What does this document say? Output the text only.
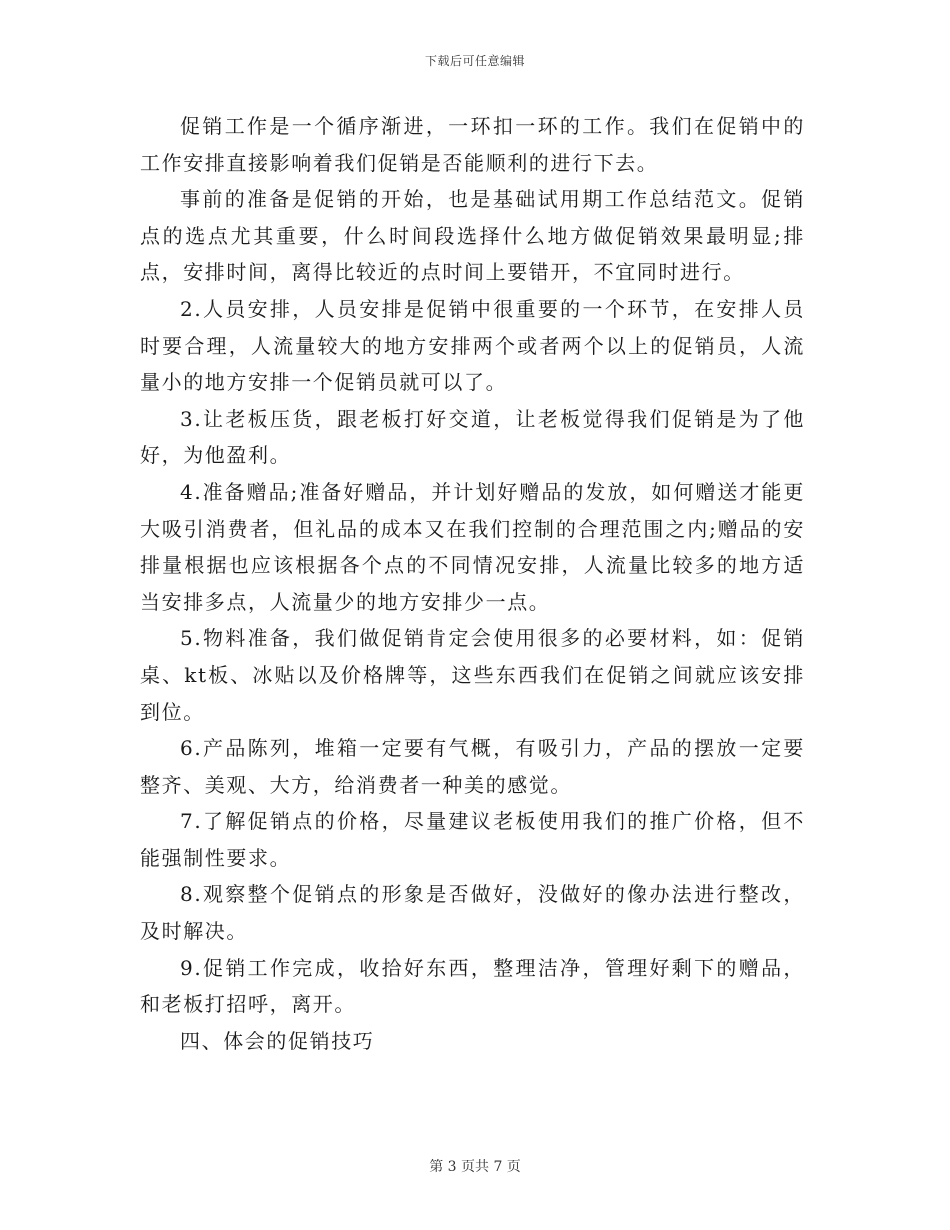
下载后可任意编辑

促销工作是一个循序渐进，一环扣一环的工作。我们在促销中的工作安排直接影响着我们促销是否能顺利的进行下去。

事前的准备是促销的开始，也是基础试用期工作总结范文。促销点的选点尤其重要，什么时间段选择什么地方做促销效果最明显;排点，安排时间，离得比较近的点时间上要错开，不宜同时进行。

2.人员安排，人员安排是促销中很重要的一个环节，在安排人员时要合理，人流量较大的地方安排两个或者两个以上的促销员，人流量小的地方安排一个促销员就可以了。

3.让老板压货，跟老板打好交道，让老板觉得我们促销是为了他好，为他盈利。

4.准备赠品;准备好赠品，并计划好赠品的发放，如何赠送才能更大吸引消费者，但礼品的成本又在我们控制的合理范围之内;赠品的安排量根据也应该根据各个点的不同情况安排，人流量比较多的地方适当安排多点，人流量少的地方安排少一点。

5.物料准备，我们做促销肯定会使用很多的必要材料，如：促销桌、kt板、冰贴以及价格牌等，这些东西我们在促销之间就应该安排到位。

6.产品陈列，堆箱一定要有气概，有吸引力，产品的摆放一定要整齐、美观、大方，给消费者一种美的感觉。

7.了解促销点的价格，尽量建议老板使用我们的推广价格，但不能强制性要求。

8.观察整个促销点的形象是否做好，没做好的像办法进行整改，及时解决。

9.促销工作完成，收拾好东西，整理洁净，管理好剩下的赠品，和老板打招呼，离开。

四、体会的促销技巧

第 3 页共 7 页
